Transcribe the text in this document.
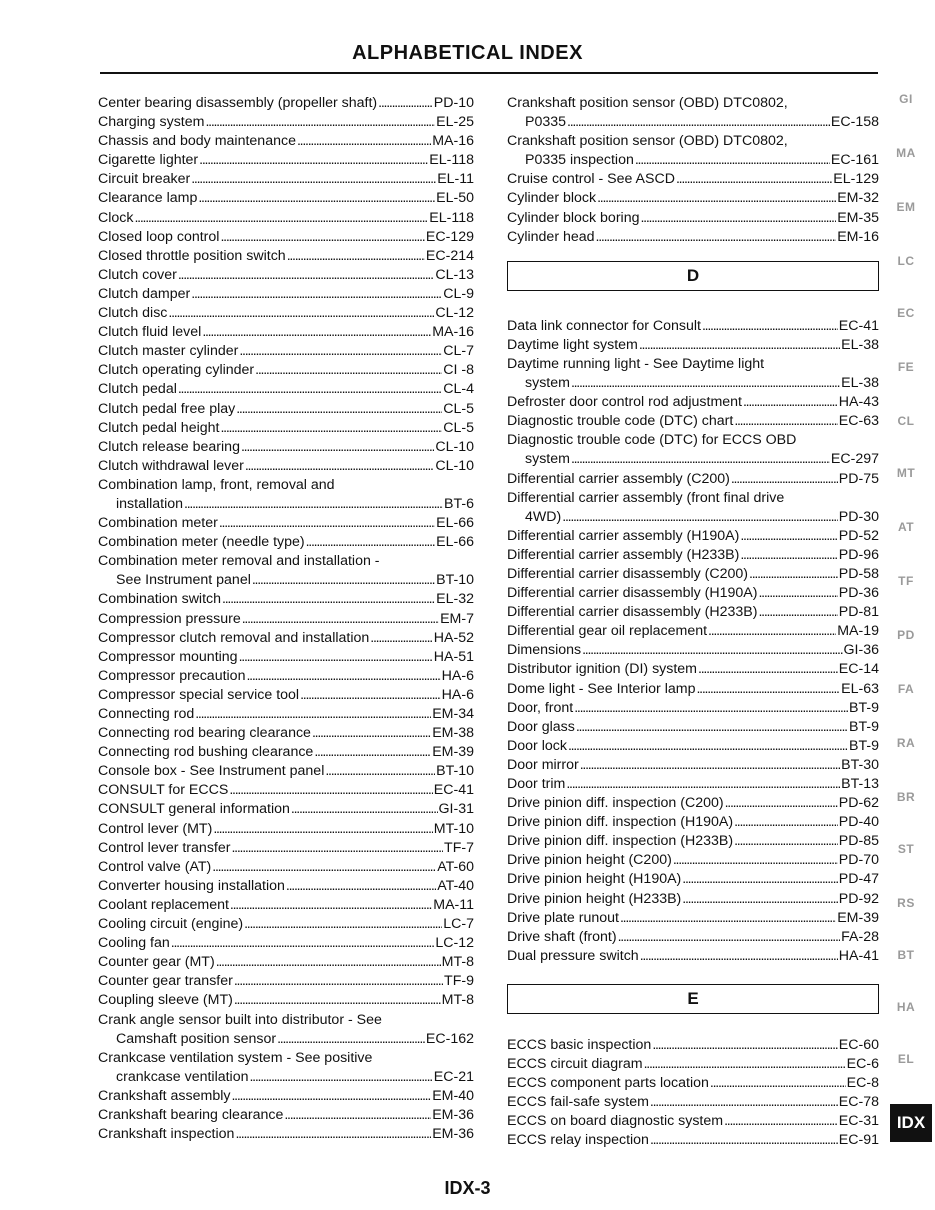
ALPHABETICAL INDEX
Center bearing disassembly (propeller shaft) . . .	PD-10
Charging system . . .	EL-25
Chassis and body maintenance . . .	MA-16
Cigarette lighter . . .	EL-118
Circuit breaker . . .	EL-11
Clearance lamp . . .	EL-50
Clock . . .	EL-118
Closed loop control . . .	EC-129
Closed throttle position switch . . .	EC-214
Clutch cover . . .	CL-13
Clutch damper . . .	CL-9
Clutch disc . . .	CL-12
Clutch fluid level . . .	MA-16
Clutch master cylinder . . .	CL-7
Clutch operating cylinder . . .	CI -8
Clutch pedal . . .	CL-4
Clutch pedal free play . . .	CL-5
Clutch pedal height . . .	CL-5
Clutch release bearing . . .	CL-10
Clutch withdrawal lever . . .	CL-10
Combination lamp, front, removal and
installation . . .	BT-6
Combination meter . . .	EL-66
Combination meter (needle type) . . .	EL-66
Combination meter removal and installation -
See Instrument panel . . .	BT-10
Combination switch . . .	EL-32
Compression pressure . . .	EM-7
Compressor clutch removal and installation . . .	HA-52
Compressor mounting . . .	HA-51
Compressor precaution . . .	HA-6
Compressor special service tool . . .	HA-6
Connecting rod . . .	EM-34
Connecting rod bearing clearance . . .	EM-38
Connecting rod bushing clearance . . .	EM-39
Console box - See Instrument panel . . .	BT-10
CONSULT for ECCS . . .	EC-41
CONSULT general information . . .	GI-31
Control lever (MT) . . .	MT-10
Control lever transfer . . .	TF-7
Control valve (AT) . . .	AT-60
Converter housing installation . . .	AT-40
Coolant replacement . . .	MA-11
Cooling circuit (engine) . . .	LC-7
Cooling fan . . .	LC-12
Counter gear (MT) . . .	MT-8
Counter gear transfer . . .	TF-9
Coupling sleeve (MT) . . .	MT-8
Crank angle sensor built into distributor - See
Camshaft position sensor . . .	EC-162
Crankcase ventilation system - See positive
crankcase ventilation . . .	EC-21
Crankshaft assembly . . .	EM-40
Crankshaft bearing clearance . . .	EM-36
Crankshaft inspection . . .	EM-36
Crankshaft position sensor (OBD) DTC0802,
P0335 . . .	EC-158
Crankshaft position sensor (OBD) DTC0802,
P0335 inspection . . .	EC-161
Cruise control - See ASCD . . .	EL-129
Cylinder block . . .	EM-32
Cylinder block boring . . .	EM-35
Cylinder head . . .	EM-16
D
Data link connector for Consult . . .	EC-41
Daytime light system . . .	EL-38
Daytime running light - See Daytime light
system . . .	EL-38
Defroster door control rod adjustment . . .	HA-43
Diagnostic trouble code (DTC) chart . . .	EC-63
Diagnostic trouble code (DTC) for ECCS OBD
system . . .	EC-297
Differential carrier assembly (C200) . . .	PD-75
Differential carrier assembly (front final drive
4WD) . . .	PD-30
Differential carrier assembly (H190A) . . .	PD-52
Differential carrier assembly (H233B) . . .	PD-96
Differential carrier disassembly (C200) . . .	PD-58
Differential carrier disassembly (H190A) . . .	PD-36
Differential carrier disassembly (H233B) . . .	PD-81
Differential gear oil replacement . . .	MA-19
Dimensions . . .	GI-36
Distributor ignition (DI) system . . .	EC-14
Dome light - See Interior lamp . . .	EL-63
Door, front . . .	BT-9
Door glass . . .	BT-9
Door lock . . .	BT-9
Door mirror . . .	BT-30
Door trim . . .	BT-13
Drive pinion diff. inspection (C200) . . .	PD-62
Drive pinion diff. inspection (H190A) . . .	PD-40
Drive pinion diff. inspection (H233B) . . .	PD-85
Drive pinion height (C200) . . .	PD-70
Drive pinion height (H190A) . . .	PD-47
Drive pinion height (H233B) . . .	PD-92
Drive plate runout . . .	EM-39
Drive shaft (front) . . .	FA-28
Dual pressure switch . . .	HA-41
E
ECCS basic inspection . . .	EC-60
ECCS circuit diagram . . .	EC-6
ECCS component parts location . . .	EC-8
ECCS fail-safe system . . .	EC-78
ECCS on board diagnostic system . . .	EC-31
ECCS relay inspection . . .	EC-91
GI
MA
EM
LC
EC
FE
CL
MT
AT
TF
PD
FA
RA
BR
ST
RS
BT
HA
EL
IDX
IDX-3
